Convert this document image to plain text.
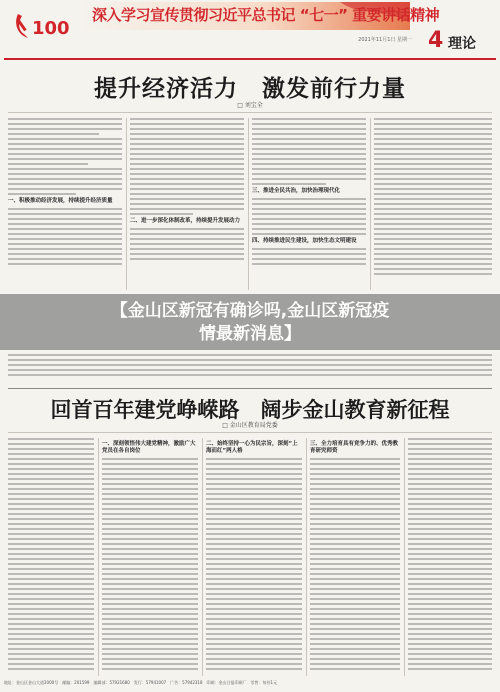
100
深入学习宣传贯彻习近平总书记 “七一” 重要讲话精神
2021年11月1日 星期一 4 理论
提升经济活力　激发前行力量
□ 刘宝全
一、积极推动经济发展，持续提升经济质量
二、进一步深化体制改革，持续提升发展动力
三、推进全民共治，加快治理现代化
四、持续推进民生建设，加快生态文明建设
【金山区新冠有确诊吗,金山区新冠疫
情最新消息】
回首百年建党峥嵘路　阔步金山教育新征程
□ 金山区教育局党委
一、深刻领悟伟大建党精神，激励广大党员在各自岗位
二、始终坚持一心为民宗旨，深刻“上海而红”两人格
三、全力培育具有竞争力的、优秀教育研究师资
地址：金山区金山大道2000号　邮编：201599　编辑部：57921680　发行：57941007　广告：57942318　印刷：金山日报印刷厂　零售：每份1元
